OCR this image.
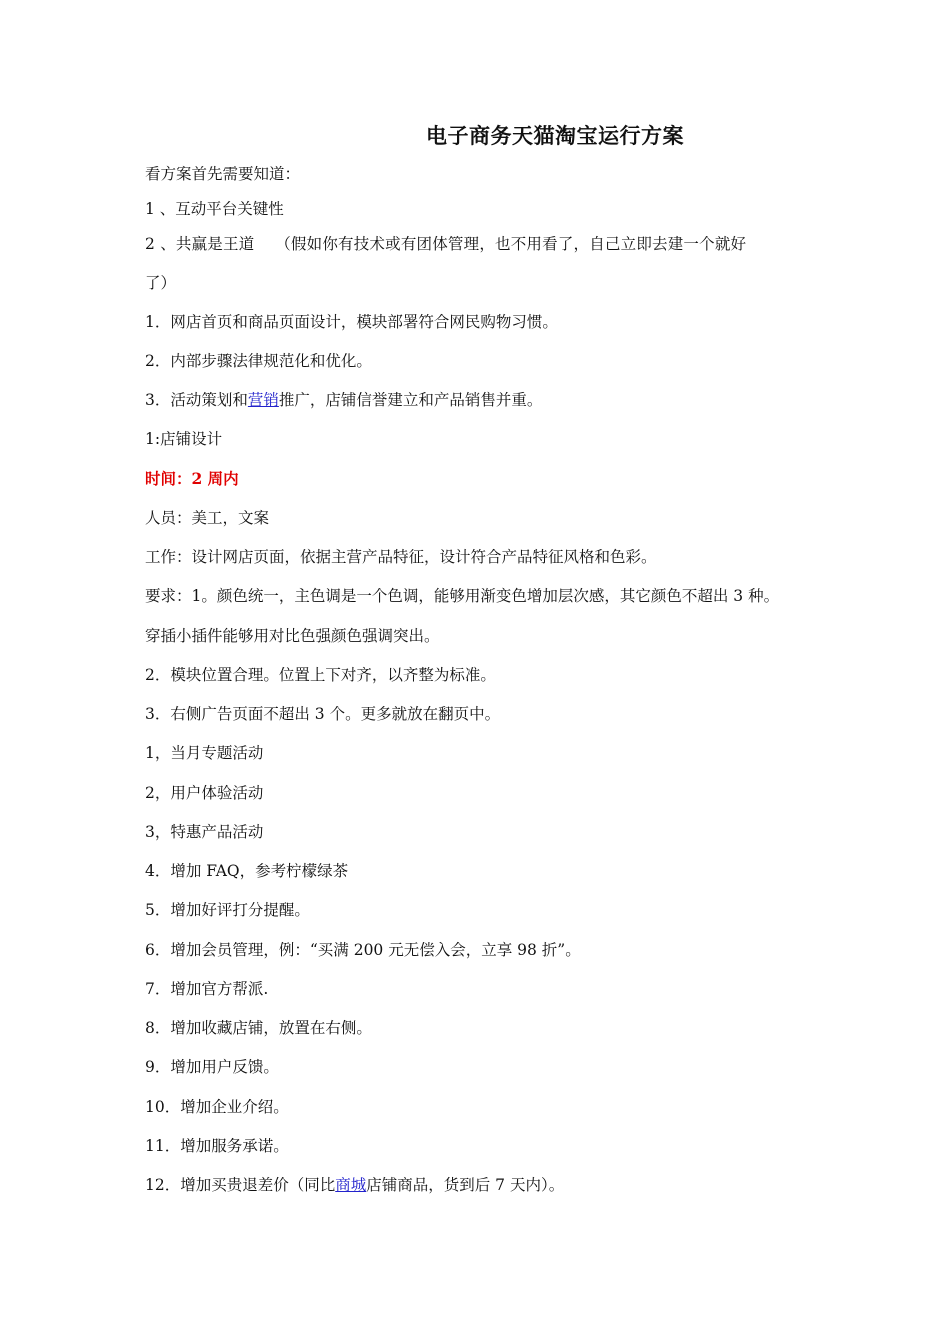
电子商务天猫淘宝运行方案
看方案首先需要知道：
1 、互动平台关键性
2 、共赢是王道　 （假如你有技术或有团体管理，也不用看了，自己立即去建一个就好
了）
1．网店首页和商品页面设计，模块部署符合网民购物习惯。
2．内部步骤法律规范化和优化。
3．活动策划和营销推广，店铺信誉建立和产品销售并重。
1:店铺设计
时间：2 周内
人员：美工，文案
工作：设计网店页面，依据主营产品特征，设计符合产品特征风格和色彩。
要求：1。颜色统一，主色调是一个色调，能够用渐变色增加层次感，其它颜色不超出 3 种。
穿插小插件能够用对比色强颜色强调突出。
2．模块位置合理。位置上下对齐，以齐整为标准。
3．右侧广告页面不超出 3 个。更多就放在翻页中。
1，当月专题活动
2，用户体验活动
3，特惠产品活动
4．增加 FAQ，参考柠檬绿茶
5．增加好评打分提醒。
6．增加会员管理，例：“买满 200 元无偿入会，立享 98 折”。
7．增加官方帮派.
8．增加收藏店铺，放置在右侧。
9．增加用户反馈。
10．增加企业介绍。
11．增加服务承诺。
12．增加买贵退差价（同比商城店铺商品，货到后 7 天内）。
